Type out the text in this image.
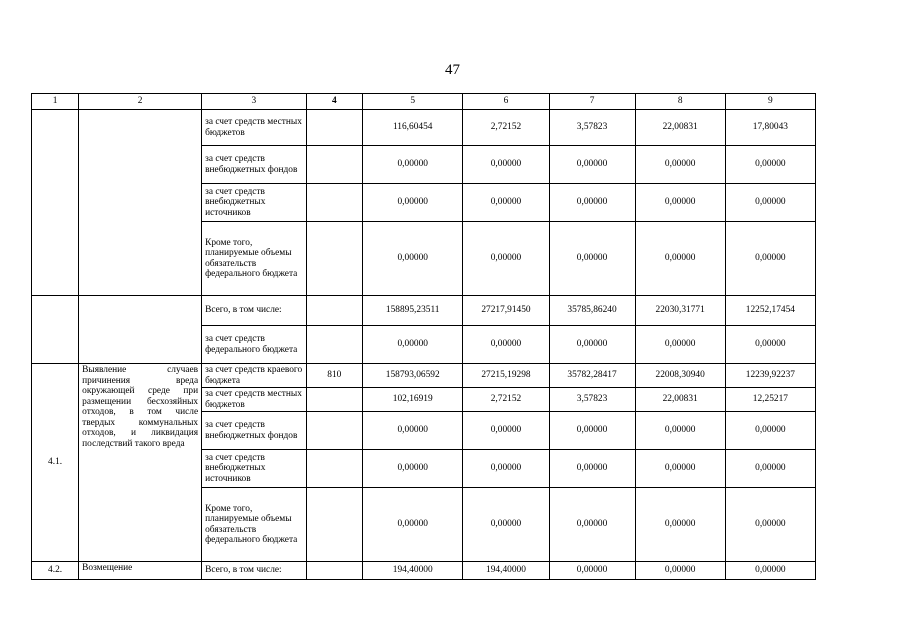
47
1	2	3	4	5	6	7	8	9
		за счет средств местных бюджетов		116,60454	2,72152	3,57823	22,00831	17,80043
		за счет средств внебюджетных фондов		0,00000	0,00000	0,00000	0,00000	0,00000
		за счет средств внебюджетных источников		0,00000	0,00000	0,00000	0,00000	0,00000
		Кроме того, планируемые объемы обязательств федерального бюджета		0,00000	0,00000	0,00000	0,00000	0,00000
		Всего, в том числе:		158895,23511	27217,91450	35785,86240	22030,31771	12252,17454
		за счет средств федерального бюджета		0,00000	0,00000	0,00000	0,00000	0,00000
4.1.	Выявление случаев причинения вреда окружающей среде при размещении бесхозяйных отходов, в том числе твердых коммунальных отходов, и ликвидация последствий такого вреда	за счет средств краевого бюджета	810	158793,06592	27215,19298	35782,28417	22008,30940	12239,92237
		за счет средств местных бюджетов		102,16919	2,72152	3,57823	22,00831	12,25217
		за счет средств внебюджетных фондов		0,00000	0,00000	0,00000	0,00000	0,00000
		за счет средств внебюджетных источников		0,00000	0,00000	0,00000	0,00000	0,00000
		Кроме того, планируемые объемы обязательств федерального бюджета		0,00000	0,00000	0,00000	0,00000	0,00000
4.2.	Возмещение	Всего, в том числе:		194,40000	194,40000	0,00000	0,00000	0,00000
